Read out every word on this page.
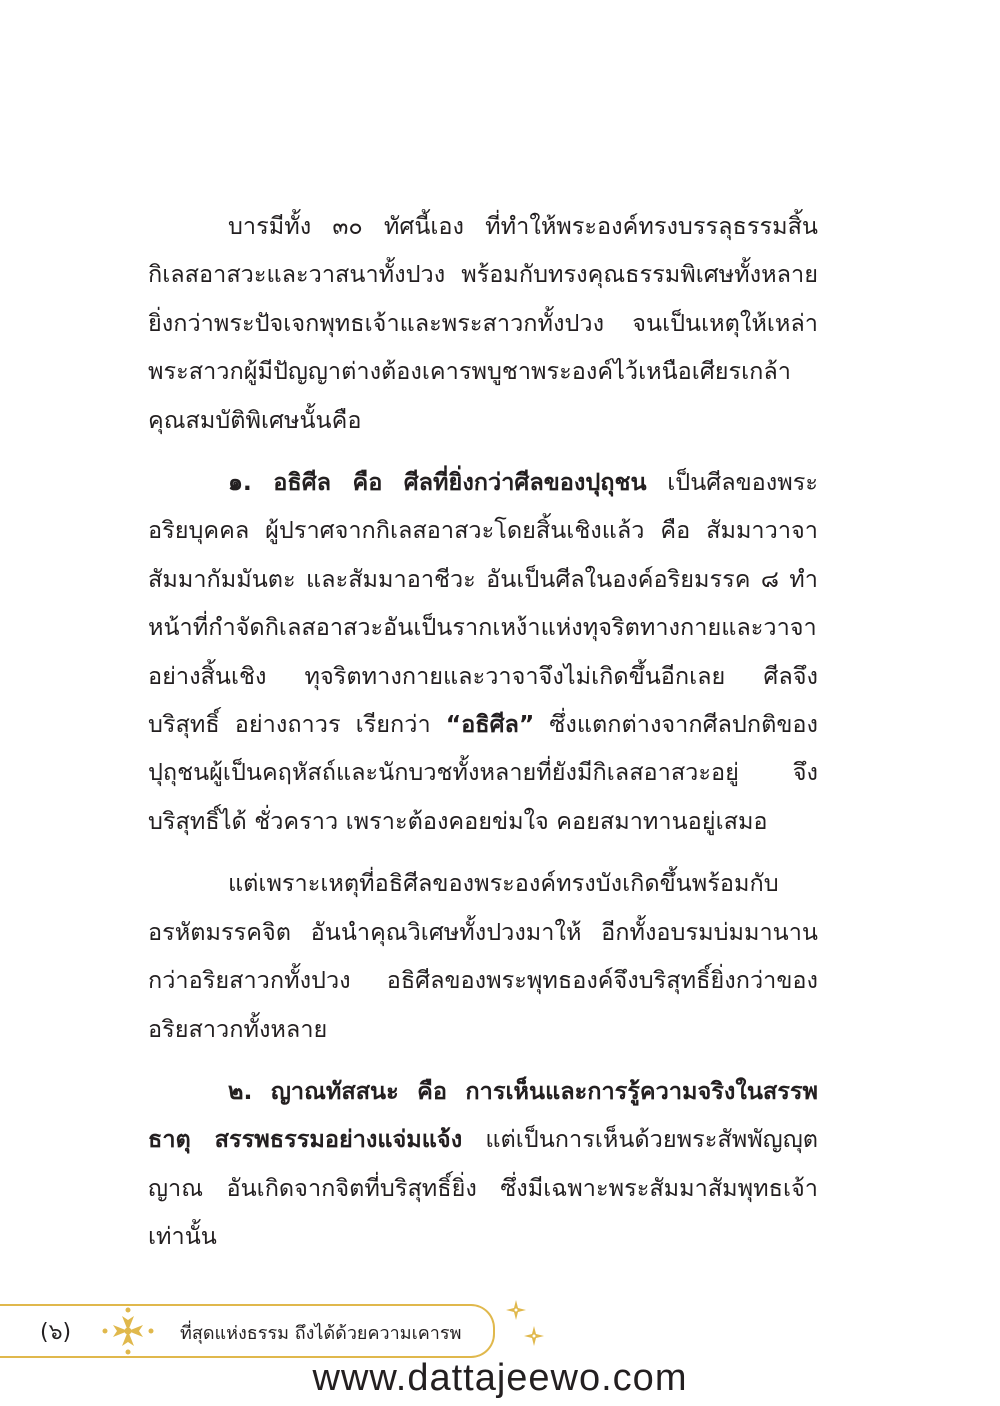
บารมีทั้ง ๓๐ ทัศนี้เอง ที่ทำให้พระองค์ทรงบรรลุธรรมสิ้นกิเลสอาสวะและวาสนาทั้งปวง พร้อมกับทรงคุณธรรมพิเศษทั้งหลาย ยิ่งกว่าพระปัจเจกพุทธเจ้าและพระสาวกทั้งปวง จนเป็นเหตุให้เหล่าพระสาวกผู้มีปัญญาต่างต้องเคารพบูชาพระองค์ไว้เหนือเศียรเกล้า คุณสมบัติพิเศษนั้นคือ

๑. อธิศีล คือ ศีลที่ยิ่งกว่าศีลของปุถุชน เป็นศีลของพระอริยบุคคล ผู้ปราศจากกิเลสอาสวะโดยสิ้นเชิงแล้ว คือ สัมมาวาจา สัมมากัมมันตะ และสัมมาอาชีวะ อันเป็นศีลในองค์อริยมรรค ๘ ทำหน้าที่กำจัดกิเลสอาสวะอันเป็นรากเหง้าแห่งทุจริตทางกายและวาจา อย่างสิ้นเชิง ทุจริตทางกายและวาจาจึงไม่เกิดขึ้นอีกเลย ศีลจึงบริสุทธิ์ อย่างถาวร เรียกว่า “อธิศีล” ซึ่งแตกต่างจากศีลปกติของปุถุชนผู้เป็นคฤหัสถ์และนักบวชทั้งหลายที่ยังมีกิเลสอาสวะอยู่ จึงบริสุทธิ์ได้ ชั่วคราว เพราะต้องคอยข่มใจ คอยสมาทานอยู่เสมอ

แต่เพราะเหตุที่อธิศีลของพระองค์ทรงบังเกิดขึ้นพร้อมกับอรหัตมรรคจิต อันนำคุณวิเศษทั้งปวงมาให้ อีกทั้งอบรมบ่มมานาน กว่าอริยสาวกทั้งปวง อธิศีลของพระพุทธองค์จึงบริสุทธิ์ยิ่งกว่าของ อริยสาวกทั้งหลาย

๒. ญาณทัสสนะ คือ การเห็นและการรู้ความจริงในสรรพธาตุ สรรพธรรมอย่างแจ่มแจ้ง แต่เป็นการเห็นด้วยพระสัพพัญญุตญาณ อันเกิดจากจิตที่บริสุทธิ์ยิ่ง ซึ่งมีเฉพาะพระสัมมาสัมพุทธเจ้าเท่านั้น

(๖)	ที่สุดแห่งธรรม ถึงได้ด้วยความเคารพ
www.dattajeewo.com
